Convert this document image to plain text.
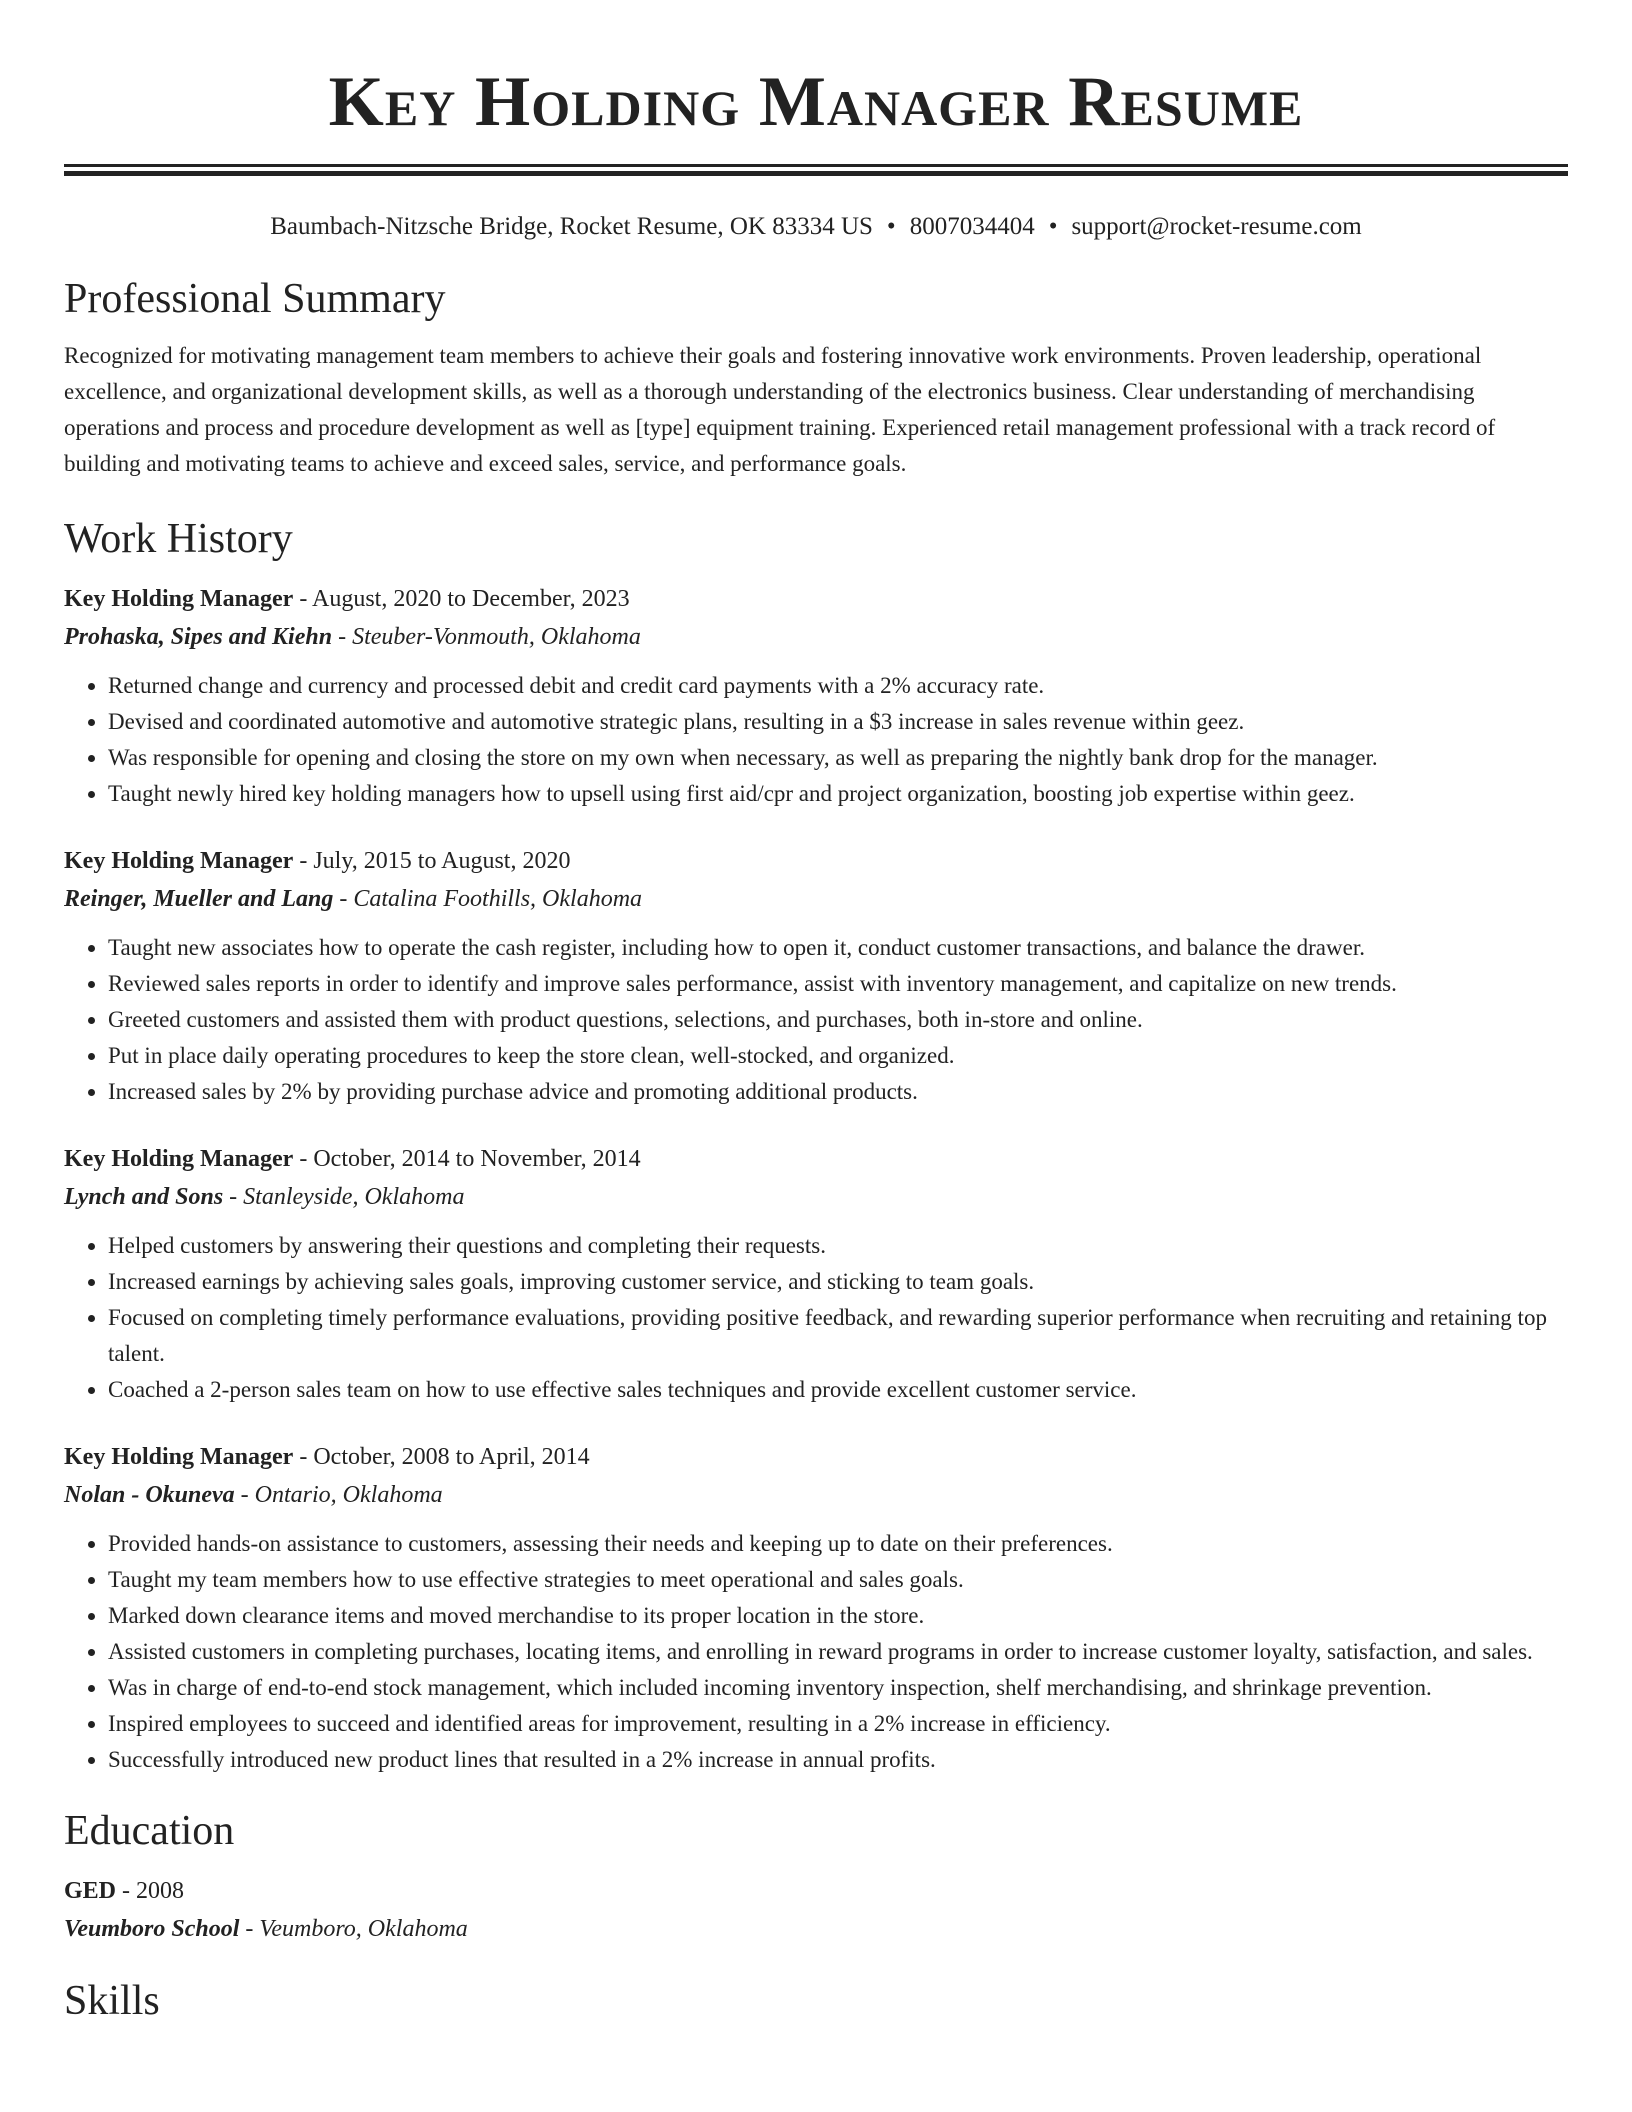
Key Holding Manager Resume
Baumbach-Nitzsche Bridge, Rocket Resume, OK 83334 US • 8007034404 • support@rocket-resume.com
Professional Summary
Recognized for motivating management team members to achieve their goals and fostering innovative work environments. Proven leadership, operational excellence, and organizational development skills, as well as a thorough understanding of the electronics business. Clear understanding of merchandising operations and process and procedure development as well as [type] equipment training. Experienced retail management professional with a track record of building and motivating teams to achieve and exceed sales, service, and performance goals.
Work History
Key Holding Manager - August, 2020 to December, 2023
Prohaska, Sipes and Kiehn - Steuber-Vonmouth, Oklahoma
• Returned change and currency and processed debit and credit card payments with a 2% accuracy rate.
• Devised and coordinated automotive and automotive strategic plans, resulting in a $3 increase in sales revenue within geez.
• Was responsible for opening and closing the store on my own when necessary, as well as preparing the nightly bank drop for the manager.
• Taught newly hired key holding managers how to upsell using first aid/cpr and project organization, boosting job expertise within geez.
Key Holding Manager - July, 2015 to August, 2020
Reinger, Mueller and Lang - Catalina Foothills, Oklahoma
• Taught new associates how to operate the cash register, including how to open it, conduct customer transactions, and balance the drawer.
• Reviewed sales reports in order to identify and improve sales performance, assist with inventory management, and capitalize on new trends.
• Greeted customers and assisted them with product questions, selections, and purchases, both in-store and online.
• Put in place daily operating procedures to keep the store clean, well-stocked, and organized.
• Increased sales by 2% by providing purchase advice and promoting additional products.
Key Holding Manager - October, 2014 to November, 2014
Lynch and Sons - Stanleyside, Oklahoma
• Helped customers by answering their questions and completing their requests.
• Increased earnings by achieving sales goals, improving customer service, and sticking to team goals.
• Focused on completing timely performance evaluations, providing positive feedback, and rewarding superior performance when recruiting and retaining top talent.
• Coached a 2-person sales team on how to use effective sales techniques and provide excellent customer service.
Key Holding Manager - October, 2008 to April, 2014
Nolan - Okuneva - Ontario, Oklahoma
• Provided hands-on assistance to customers, assessing their needs and keeping up to date on their preferences.
• Taught my team members how to use effective strategies to meet operational and sales goals.
• Marked down clearance items and moved merchandise to its proper location in the store.
• Assisted customers in completing purchases, locating items, and enrolling in reward programs in order to increase customer loyalty, satisfaction, and sales.
• Was in charge of end-to-end stock management, which included incoming inventory inspection, shelf merchandising, and shrinkage prevention.
• Inspired employees to succeed and identified areas for improvement, resulting in a 2% increase in efficiency.
• Successfully introduced new product lines that resulted in a 2% increase in annual profits.
Education
GED - 2008
Veumboro School - Veumboro, Oklahoma
Skills
